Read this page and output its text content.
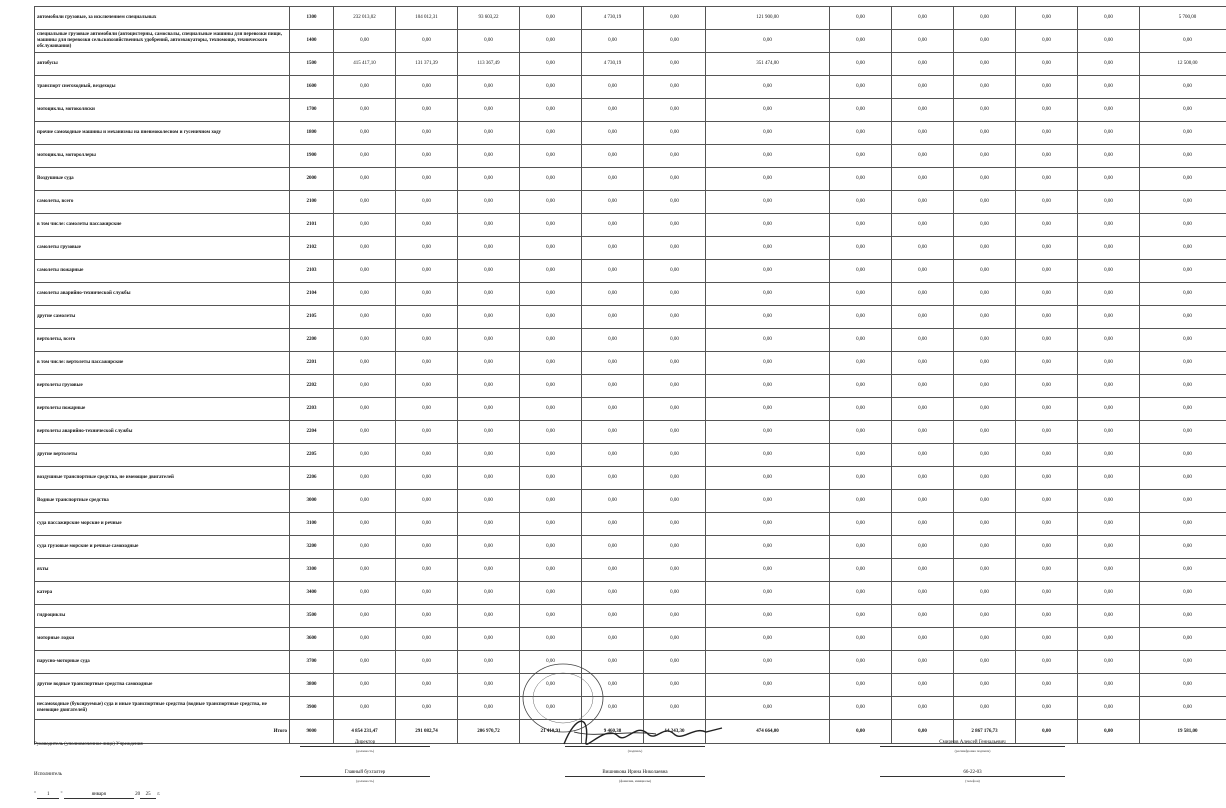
автомобили грузовые, за исключением специальных	1300	232 013,02	104 012,31	93 603,22	0,00	4 730,19	0,00	121 900,00	0,00	0,00	0,00	0,00	0,00	5 700,00
специальные грузовые автомобили (автоцистерны, самосвалы, специальные машины для перевозки пищи, машины для перевозки сельскохозяйственных удобрений, автоэвакуаторы, техпомощи, технического обслуживания)	1400	0,00	0,00	0,00	0,00	0,00	0,00	0,00	0,00	0,00	0,00	0,00	0,00	0,00
автобусы	1500	415 417,10	131 371,39	113 367,49	0,00	4 730,19	0,00	351 474,00	0,00	0,00	0,00	0,00	0,00	12 500,00
транспорт снегоходный, вездеходы	1600	0,00	0,00	0,00	0,00	0,00	0,00	0,00	0,00	0,00	0,00	0,00	0,00	0,00
мотоциклы, мотоколяски	1700	0,00	0,00	0,00	0,00	0,00	0,00	0,00	0,00	0,00	0,00	0,00	0,00	0,00
прочие самоходные машины и механизмы на пневмоколесном и гусеничном ходу	1800	0,00	0,00	0,00	0,00	0,00	0,00	0,00	0,00	0,00	0,00	0,00	0,00	0,00
мотоциклы, мотороллеры	1900	0,00	0,00	0,00	0,00	0,00	0,00	0,00	0,00	0,00	0,00	0,00	0,00	0,00
Воздушные суда	2000	0,00	0,00	0,00	0,00	0,00	0,00	0,00	0,00	0,00	0,00	0,00	0,00	0,00
самолеты, всего	2100	0,00	0,00	0,00	0,00	0,00	0,00	0,00	0,00	0,00	0,00	0,00	0,00	0,00
в том числе: самолеты пассажирские	2101	0,00	0,00	0,00	0,00	0,00	0,00	0,00	0,00	0,00	0,00	0,00	0,00	0,00
самолеты грузовые	2102	0,00	0,00	0,00	0,00	0,00	0,00	0,00	0,00	0,00	0,00	0,00	0,00	0,00
самолеты пожарные	2103	0,00	0,00	0,00	0,00	0,00	0,00	0,00	0,00	0,00	0,00	0,00	0,00	0,00
самолеты аварийно-технической службы	2104	0,00	0,00	0,00	0,00	0,00	0,00	0,00	0,00	0,00	0,00	0,00	0,00	0,00
другие самолеты	2105	0,00	0,00	0,00	0,00	0,00	0,00	0,00	0,00	0,00	0,00	0,00	0,00	0,00
вертолеты, всего	2200	0,00	0,00	0,00	0,00	0,00	0,00	0,00	0,00	0,00	0,00	0,00	0,00	0,00
в том числе: вертолеты пассажирские	2201	0,00	0,00	0,00	0,00	0,00	0,00	0,00	0,00	0,00	0,00	0,00	0,00	0,00
вертолеты грузовые	2202	0,00	0,00	0,00	0,00	0,00	0,00	0,00	0,00	0,00	0,00	0,00	0,00	0,00
вертолеты пожарные	2203	0,00	0,00	0,00	0,00	0,00	0,00	0,00	0,00	0,00	0,00	0,00	0,00	0,00
вертолеты аварийно-технической службы	2204	0,00	0,00	0,00	0,00	0,00	0,00	0,00	0,00	0,00	0,00	0,00	0,00	0,00
другие вертолеты	2205	0,00	0,00	0,00	0,00	0,00	0,00	0,00	0,00	0,00	0,00	0,00	0,00	0,00
воздушные транспортные средства, не имеющие двигателей	2206	0,00	0,00	0,00	0,00	0,00	0,00	0,00	0,00	0,00	0,00	0,00	0,00	0,00
Водные транспортные средства	3000	0,00	0,00	0,00	0,00	0,00	0,00	0,00	0,00	0,00	0,00	0,00	0,00	0,00
суда пассажирские морские и речные	3100	0,00	0,00	0,00	0,00	0,00	0,00	0,00	0,00	0,00	0,00	0,00	0,00	0,00
суда грузовые морские и речные самоходные	3200	0,00	0,00	0,00	0,00	0,00	0,00	0,00	0,00	0,00	0,00	0,00	0,00	0,00
яхты	3300	0,00	0,00	0,00	0,00	0,00	0,00	0,00	0,00	0,00	0,00	0,00	0,00	0,00
катера	3400	0,00	0,00	0,00	0,00	0,00	0,00	0,00	0,00	0,00	0,00	0,00	0,00	0,00
гидроциклы	3500	0,00	0,00	0,00	0,00	0,00	0,00	0,00	0,00	0,00	0,00	0,00	0,00	0,00
моторные лодки	3600	0,00	0,00	0,00	0,00	0,00	0,00	0,00	0,00	0,00	0,00	0,00	0,00	0,00
парусно-моторные суда	3700	0,00	0,00	0,00	0,00	0,00	0,00	0,00	0,00	0,00	0,00	0,00	0,00	0,00
другие водные транспортные средства самоходные	3800	0,00	0,00	0,00	0,00	0,00	0,00	0,00	0,00	0,00	0,00	0,00	0,00	0,00
несамоходные (буксируемые) суда и иные транспортные средства (водные транспортные средства, не имеющие двигателей)	3900	0,00	0,00	0,00	0,00	0,00	0,00	0,00	0,00	0,00	0,00	0,00	0,00	0,00
Итого	9000	4 854 231,47	291 082,74	206 970,72	21 410,91	9 460,38	14 243,30	474 664,00	0,00	0,00	2 867 176,73	0,00	0,00	19 581,00
Руководитель (уполномоченное лицо) Учреждения	Директор
(должность)	(подпись)
Смирнов Алексей Геннадьевич
(расшифровка подписи)
Исполнитель	Главный бухгалтер
(должность)
Вишнякова Ирина Николаевна
(фамилия, инициалы)
66-22-03
(телефон)
" 1 "	января	20 25 г.
